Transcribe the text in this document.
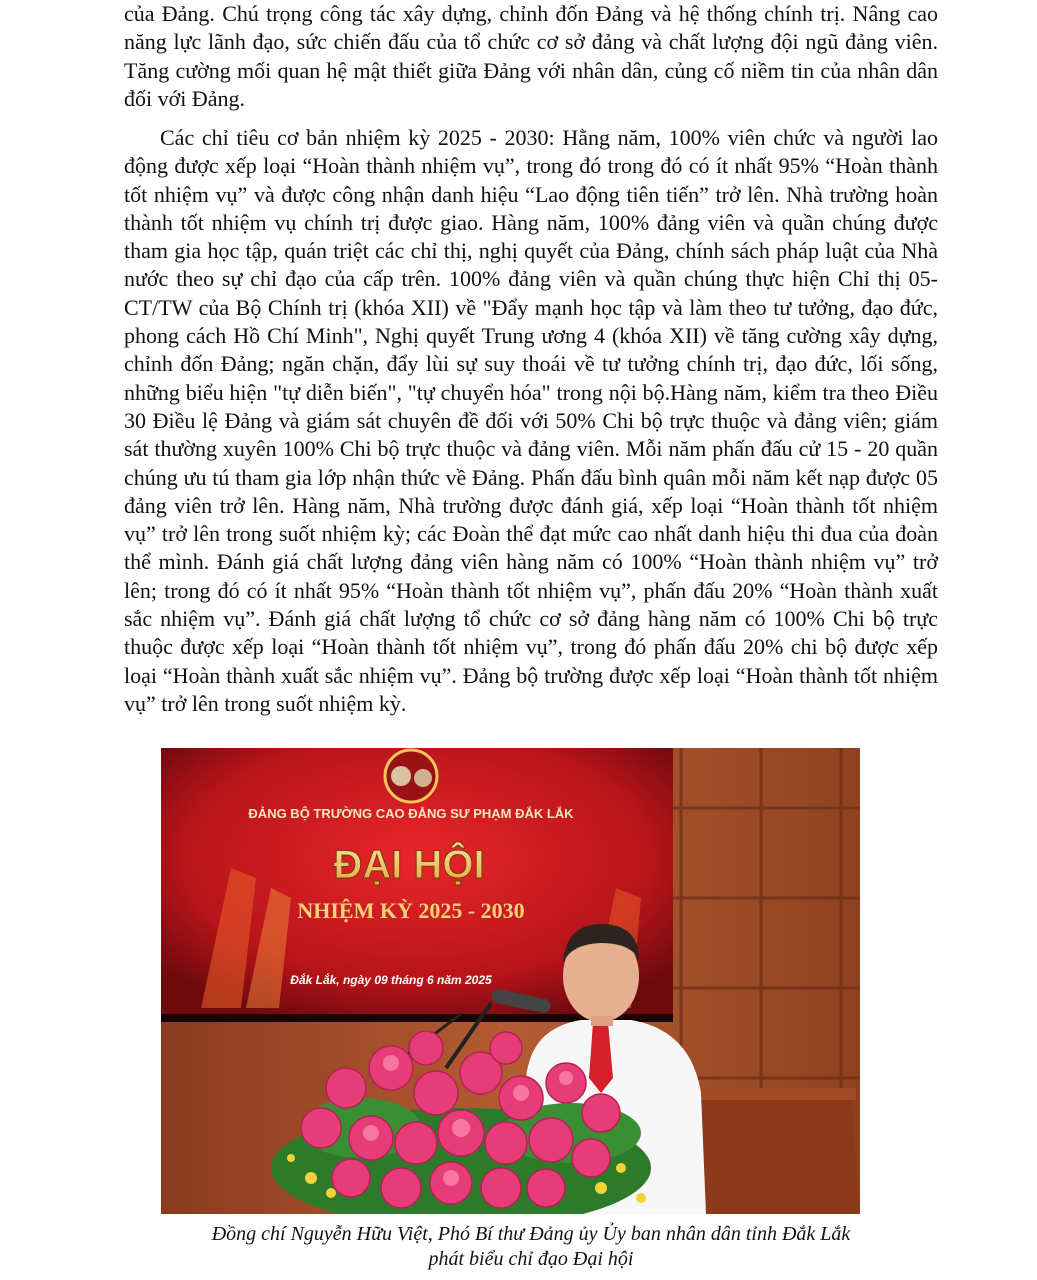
của Đảng. Chú trọng công tác xây dựng, chỉnh đốn Đảng và hệ thống chính trị. Nâng cao năng lực lãnh đạo, sức chiến đấu của tổ chức cơ sở đảng và chất lượng đội ngũ đảng viên. Tăng cường mối quan hệ mật thiết giữa Đảng với nhân dân, củng cố niềm tin của nhân dân đối với Đảng.

Các chỉ tiêu cơ bản nhiệm kỳ 2025 - 2030: Hằng năm, 100% viên chức và người lao động được xếp loại “Hoàn thành nhiệm vụ”, trong đó trong đó có ít nhất 95% “Hoàn thành tốt nhiệm vụ” và được công nhận danh hiệu “Lao động tiên tiến” trở lên. Nhà trường hoàn thành tốt nhiệm vụ chính trị được giao. Hàng năm, 100% đảng viên và quần chúng được tham gia học tập, quán triệt các chỉ thị, nghị quyết của Đảng, chính sách pháp luật của Nhà nước theo sự chỉ đạo của cấp trên. 100% đảng viên và quần chúng thực hiện Chỉ thị 05-CT/TW của Bộ Chính trị (khóa XII) về "Đẩy mạnh học tập và làm theo tư tưởng, đạo đức, phong cách Hồ Chí Minh", Nghị quyết Trung ương 4 (khóa XII) về tăng cường xây dựng, chỉnh đốn Đảng; ngăn chặn, đẩy lùi sự suy thoái về tư tưởng chính trị, đạo đức, lối sống, những biểu hiện "tự diễn biến", "tự chuyển hóa" trong nội bộ.Hàng năm, kiểm tra theo Điều 30 Điều lệ Đảng và giám sát chuyên đề đối với 50% Chi bộ trực thuộc và đảng viên; giám sát thường xuyên 100% Chi bộ trực thuộc và đảng viên. Mỗi năm phấn đấu cử 15 - 20 quần chúng ưu tú tham gia lớp nhận thức về Đảng. Phấn đấu bình quân mỗi năm kết nạp được 05 đảng viên trở lên. Hàng năm, Nhà trường được đánh giá, xếp loại “Hoàn thành tốt nhiệm vụ” trở lên trong suốt nhiệm kỳ; các Đoàn thể đạt mức cao nhất danh hiệu thi đua của đoàn thể mình. Đánh giá chất lượng đảng viên hàng năm có 100% “Hoàn thành nhiệm vụ” trở lên; trong đó có ít nhất 95% “Hoàn thành tốt nhiệm vụ”, phấn đấu 20% “Hoàn thành xuất sắc nhiệm vụ”. Đánh giá chất lượng tổ chức cơ sở đảng hàng năm có 100% Chi bộ trực thuộc được xếp loại “Hoàn thành tốt nhiệm vụ”, trong đó phấn đấu 20% chi bộ được xếp loại “Hoàn thành xuất sắc nhiệm vụ”. Đảng bộ trường được xếp loại “Hoàn thành tốt nhiệm vụ” trở lên trong suốt nhiệm kỳ.

ĐẢNG BỘ TRƯỜNG CAO ĐẲNG SƯ PHẠM ĐẮK LẮK
ĐẠI HỘI
NHIỆM KỲ 2025 - 2030
Đắk Lắk, ngày 09 tháng 6 năm 2025

Đồng chí Nguyễn Hữu Việt, Phó Bí thư Đảng ủy Ủy ban nhân dân tỉnh Đắk Lắk
phát biểu chỉ đạo Đại hội
